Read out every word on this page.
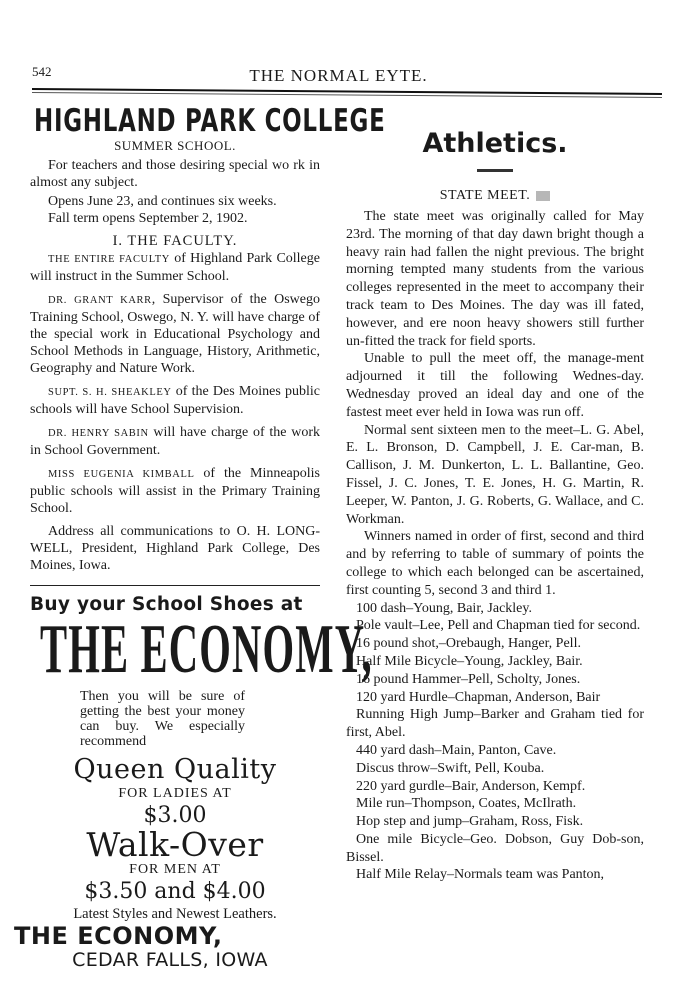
542	THE NORMAL EYTE.
HIGHLAND PARK COLLEGE
SUMMER SCHOOL.

For teachers and those desiring special wo rk in almost any subject.

Opens June 23, and continues six weeks.

Fall term opens September 2, 1902.

I. THE FACULTY.

THE ENTIRE FACULTY of Highland Park College will instruct in the Summer School.

DR. GRANT KARR, Supervisor of the Oswego Training School, Oswego, N. Y. will have charge of the special work in Educational Psychology and School Methods in Language, History, Arithmetic, Geography and Nature Work.

SUPT. S. H. SHEAKLEY of the Des Moines public schools will have School Supervision.

DR. HENRY SABIN will have charge of the work in School Government.

MISS EUGENIA KIMBALL of the Minneapolis public schools will assist in the Primary Training School.

Address all communications to O. H. LONG-WELL, President, Highland Park College, Des Moines, Iowa.

Buy your School Shoes at
THE ECONOMY,
Then you will be sure of getting the best your money can buy. We especially recommend
Queen Quality
FOR LADIES AT
$3.00
Walk-Over
FOR MEN AT
$3.50 and $4.00
Latest Styles and Newest Leathers.
THE ECONOMY,
CEDAR FALLS, IOWA
Athletics.
STATE MEET.

The state meet was originally called for May 23rd. The morning of that day dawn bright though a heavy rain had fallen the night previous. The bright morning tempted many students from the various colleges represented in the meet to accompany their track team to Des Moines. The day was ill fated, however, and ere noon heavy showers still further un-fitted the track for field sports.

Unable to pull the meet off, the manage-ment adjourned it till the following Wednes-day. Wednesday proved an ideal day and one of the fastest meet ever held in Iowa was run off.

Normal sent sixteen men to the meet–L. G. Abel, E. L. Bronson, D. Campbell, J. E. Car-man, B. Callison, J. M. Dunkerton, L. L. Ballantine, Geo. Fissel, J. C. Jones, T. E. Jones, H. G. Martin, R. Leeper, W. Panton, J. G. Roberts, G. Wallace, and C. Workman.

Winners named in order of first, second and third and by referring to table of summary of points the college to which each belonged can be ascertained, first counting 5, second 3 and third 1.

100 dash–Young, Bair, Jackley.

Pole vault–Lee, Pell and Chapman tied for second.

16 pound shot,–Orebaugh, Hanger, Pell.

Half Mile Bicycle–Young, Jackley, Bair.

16 pound Hammer–Pell, Scholty, Jones.

120 yard Hurdle–Chapman, Anderson, Bair

Running High Jump–Barker and Graham tied for first, Abel.

440 yard dash–Main, Panton, Cave.

Discus throw–Swift, Pell, Kouba.

220 yard gurdle–Bair, Anderson, Kempf.

Mile run–Thompson, Coates, McIlrath.

Hop step and jump–Graham, Ross, Fisk.

One mile Bicycle–Geo. Dobson, Guy Dob-son, Bissel.

Half Mile Relay–Normals team was Panton,
